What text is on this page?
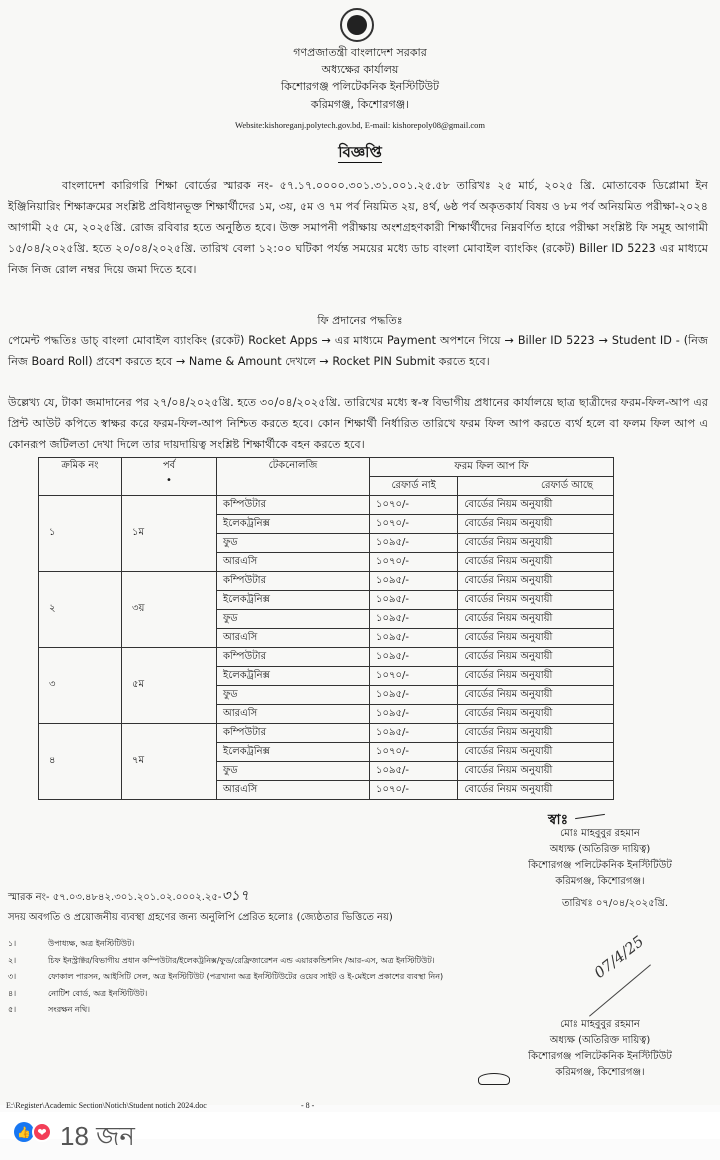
গণপ্রজাতন্ত্রী বাংলাদেশ সরকার
অধ্যক্ষের কার্যালয়
কিশোরগঞ্জ পলিটেকনিক ইনস্টিটিউট
করিমগঞ্জ, কিশোরগঞ্জ।
Website:kishoreganj.polytech.gov.bd, E-mail: kishorepoly08@gmail.com
বিজ্ঞপ্তি
বাংলাদেশ কারিগরি শিক্ষা বোর্ডের স্মারক নং- ৫৭.১৭.০০০০.৩০১.৩১.০০১.২৫.৫৮ তারিখঃ ২৫ মার্চ, ২০২৫ খ্রি. মোতাবেক ডিপ্লোমা ইন ইঞ্জিনিয়ারিং শিক্ষাক্রমের সংশ্লিষ্ট প্রবিধানভূক্ত শিক্ষার্থীদের ১ম, ৩য়, ৫ম ও ৭ম পর্ব নিয়মিত ২য়, ৪র্থ, ৬ষ্ঠ পর্ব অকৃতকার্য বিষয় ও ৮ম পর্ব অনিয়মিত পরীক্ষা-২০২৪ আগামী ২৫ মে, ২০২৫খ্রি. রোজ রবিবার হতে অনুষ্ঠিত হবে। উক্ত সমাপনী পরীক্ষায় অংশগ্রহণকারী শিক্ষার্থীদের নিম্নবর্ণিত হারে পরীক্ষা সংশ্লিষ্ট ফি সমূহ আগামী ১৫/০৪/২০২৫খ্রি. হতে ২০/০৪/২০২৫খ্রি. তারিখ বেলা ১২:০০ ঘটিকা পর্যন্ত সময়ের মধ্যে ডাচ বাংলা মোবাইল ব্যাংকিং (রকেট) Biller ID 5223 এর মাধ্যমে নিজ নিজ রোল নম্বর দিয়ে জমা দিতে হবে।
ফি প্রদানের পদ্ধতিঃ
পেমেন্ট পদ্ধতিঃ ডাচ্ বাংলা মোবাইল ব্যাংকিং (রকেট) Rocket Apps → এর মাধ্যমে Payment অপশনে গিয়ে → Biller ID 5223 → Student ID - (নিজ নিজ Board Roll) প্রবেশ করতে হবে → Name & Amount দেখলে → Rocket PIN Submit করতে হবে।
উল্লেখ্য যে, টাকা জমাদানের পর ২৭/০৪/২০২৫খ্রি. হতে ৩০/০৪/২০২৫খ্রি. তারিখের মধ্যে স্ব-স্ব বিভাগীয় প্রধানের কার্যালয়ে ছাত্র ছাত্রীদের ফরম-ফিল-আপ এর প্রিন্ট আউট কপিতে স্বাক্ষর করে ফরম-ফিল-আপ নিশ্চিত করতে হবে। কোন শিক্ষার্থী নির্ধারিত তারিখে ফরম ফিল আপ করতে ব্যর্থ হলে বা ফলম ফিল আপ এ কোনরূপ জটিলতা দেখা দিলে তার দায়দায়িত্ব সংশ্লিষ্ট শিক্ষার্থীকে বহন করতে হবে।
ক্রমিক নং	পর্ব
•	টেকনোলজি	ফরম ফিল আপ ফি	
			রেফার্ড নাই	রেফার্ড আছে
১	১ম	কম্পিউটার	১০৭০/-	বোর্ডের নিয়ম অনুযায়ী
		ইলেকট্রনিক্স	১০৭০/-	বোর্ডের নিয়ম অনুযায়ী
		ফুড	১০৯৫/-	বোর্ডের নিয়ম অনুযায়ী
		আরএসি	১০৭০/-	বোর্ডের নিয়ম অনুযায়ী
২	৩য়	কম্পিউটার	১০৯৫/-	বোর্ডের নিয়ম অনুযায়ী
		ইলেকট্রনিক্স	১০৯৫/-	বোর্ডের নিয়ম অনুযায়ী
		ফুড	১০৯৫/-	বোর্ডের নিয়ম অনুযায়ী
		আরএসি	১০৯৫/-	বোর্ডের নিয়ম অনুযায়ী
৩	৫ম	কম্পিউটার	১০৯৫/-	বোর্ডের নিয়ম অনুযায়ী
		ইলেকট্রনিক্স	১০৭০/-	বোর্ডের নিয়ম অনুযায়ী
		ফুড	১০৯৫/-	বোর্ডের নিয়ম অনুযায়ী
		আরএসি	১০৯৫/-	বোর্ডের নিয়ম অনুযায়ী
৪	৭ম	কম্পিউটার	১০৯৫/-	বোর্ডের নিয়ম অনুযায়ী
		ইলেকট্রনিক্স	১০৭০/-	বোর্ডের নিয়ম অনুযায়ী
		ফুড	১০৯৫/-	বোর্ডের নিয়ম অনুযায়ী
		আরএসি	১০৭০/-	বোর্ডের নিয়ম অনুযায়ী
স্বাঃ
মোঃ মাহবুবুর রহমান
অধ্যক্ষ (অতিরিক্ত দায়িত্ব)
কিশোরগঞ্জ পলিটেকনিক ইনস্টিটিউট
করিমগঞ্জ, কিশোরগঞ্জ।
স্মারক নং- ৫৭.০৩.৪৮৪২.৩০১.২০১.০২.০০০২.২৫-৩১৭	তারিখঃ ০৭/০৪/২০২৫খ্রি.
সদয় অবগতি ও প্রয়োজনীয় ব্যবস্থা গ্রহণের জন্য অনুলিপি প্রেরিত হলোঃ (জ্যেষ্ঠতার ভিত্তিতে নয়)
১।	উপাধ্যক্ষ, অত্র ইনস্টিটিউট।
২।	চিফ ইনস্ট্রাক্টর/বিভাগীয় প্রধান কম্পিউটার/ইলেকট্রনিক্স/ফুড/রেফ্রিজারেশন এন্ড এয়ারকন্ডিশনিং /আর-এস, অত্র ইনস্টিটিউট।
৩।	ফোকাল পারসন, আইসিটি সেল, অত্র ইনস্টিটিউট (পত্রখানা অত্র ইনস্টিটিউটের ওয়েব সাইট ও ই-মেইলে প্রকাশের ব্যবস্থা নিন)
৪।	নোটিশ বোর্ড, অত্র ইনস্টিটিউট।
৫।	সংরক্ষন নথি।
07/4/25
মোঃ মাহবুবুর রহমান
অধ্যক্ষ (অতিরিক্ত দায়িত্ব)
কিশোরগঞ্জ পলিটেকনিক ইনস্টিটিউট
করিমগঞ্জ, কিশোরগঞ্জ।
E:\Register\Academic Section\Notich\Student notich 2024.doc	- 8 -
👍 ❤ 18 জন
